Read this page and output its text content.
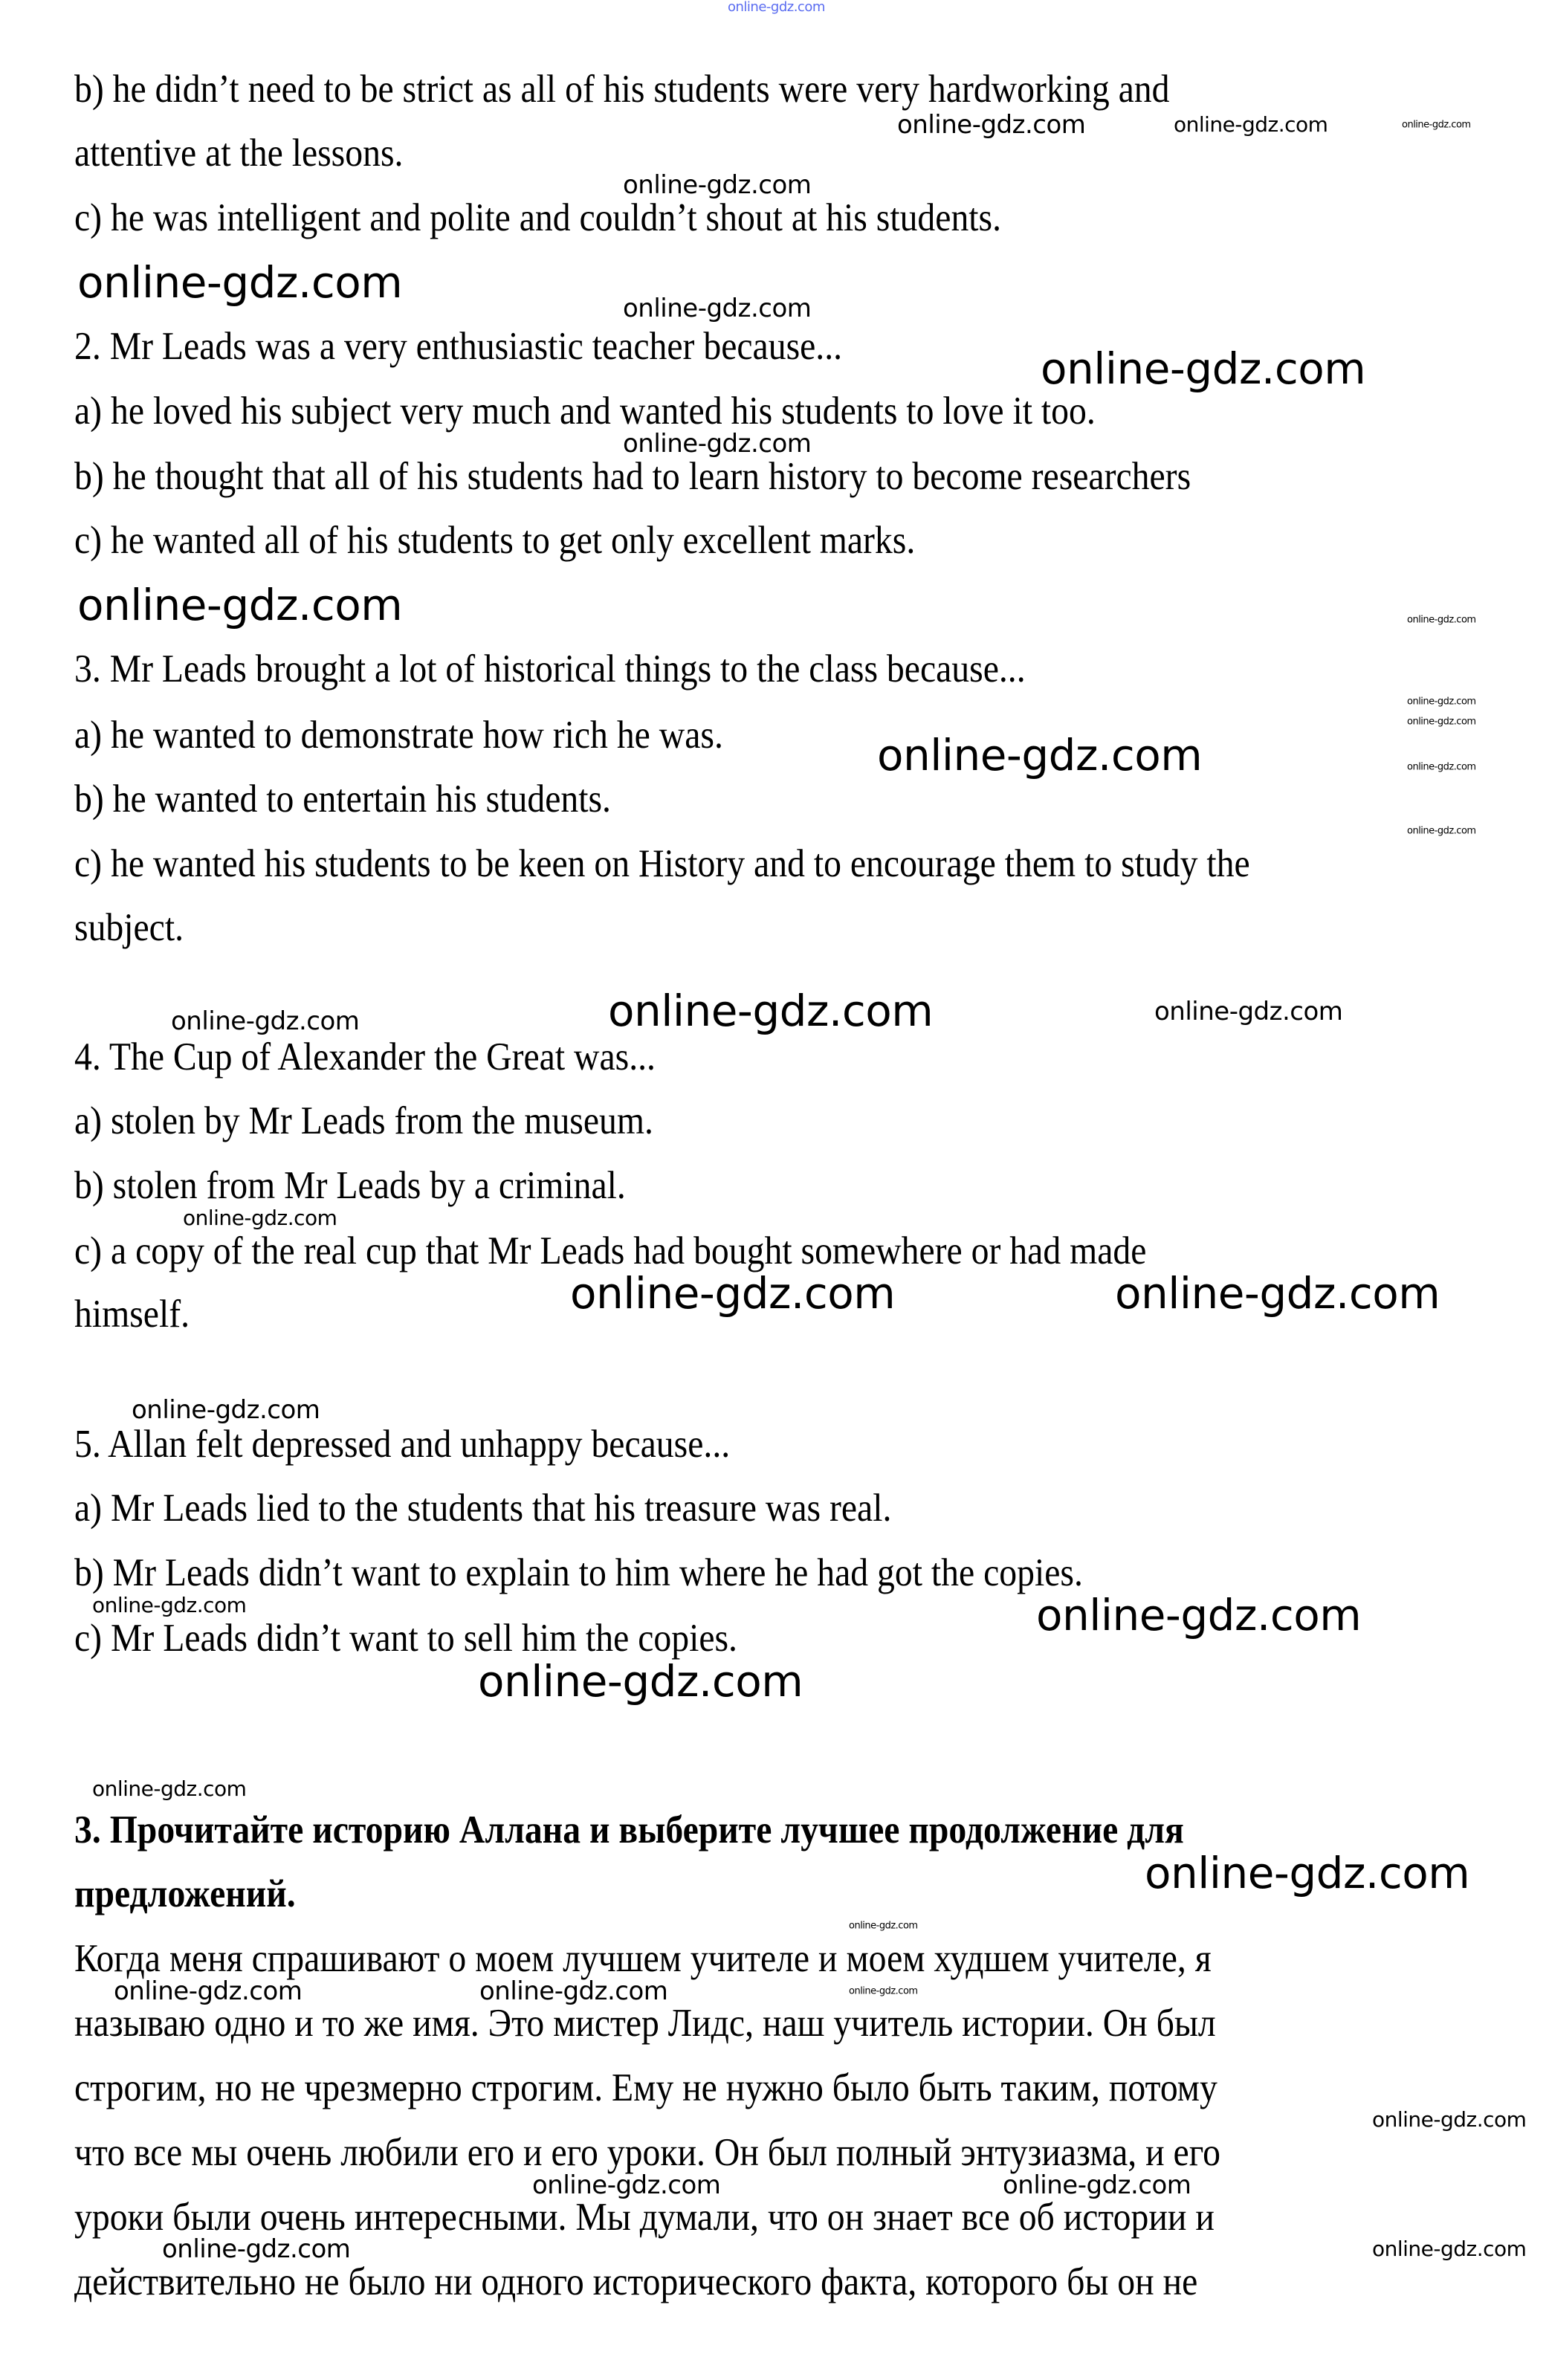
b) he didn’t need to be strict as all of his students were very hardworking and
attentive at the lessons.
c) he was intelligent and polite and couldn’t shout at his students.
2. Mr Leads was a very enthusiastic teacher because...
a) he loved his subject very much and wanted his students to love it too.
b) he thought that all of his students had to learn history to become researchers
c) he wanted all of his students to get only excellent marks.
3. Mr Leads brought a lot of historical things to the class because...
a) he wanted to demonstrate how rich he was.
b) he wanted to entertain his students.
c) he wanted his students to be keen on History and to encourage them to study the
subject.
4. The Cup of Alexander the Great was...
a) stolen by Mr Leads from the museum.
b) stolen from Mr Leads by a criminal.
c) a copy of the real cup that Mr Leads had bought somewhere or had made
himself.
5. Allan felt depressed and unhappy because...
a) Mr Leads lied to the students that his treasure was real.
b) Mr Leads didn’t want to explain to him where he had got the copies.
c) Mr Leads didn’t want to sell him the copies.
3. Прочитайте историю Аллана и выберите лучшее продолжение для
предложений.
Когда меня спрашивают о моем лучшем учителе и моем худшем учителе, я
называю одно и то же имя. Это мистер Лидс, наш учитель истории. Он был
строгим, но не чрезмерно строгим. Ему не нужно было быть таким, потому
что все мы очень любили его и его уроки. Он был полный энтузиазма, и его
уроки были очень интересными. Мы думали, что он знает все об истории и
действительно не было ни одного исторического факта, которого бы он не
online-gdz.com
online-gdz.com	online-gdz.com	online-gdz.com
online-gdz.com
online-gdz.com
online-gdz.com
online-gdz.com
online-gdz.com
online-gdz.com	online-gdz.com
online-gdz.com
online-gdz.com
online-gdz.com
online-gdz.com
online-gdz.com
online-gdz.com	online-gdz.com	online-gdz.com
online-gdz.com
online-gdz.com	online-gdz.com
online-gdz.com
online-gdz.com	online-gdz.com
online-gdz.com
online-gdz.com
online-gdz.com
online-gdz.com
online-gdz.com	online-gdz.com	online-gdz.com
online-gdz.com
online-gdz.com	online-gdz.com
online-gdz.com
online-gdz.com
